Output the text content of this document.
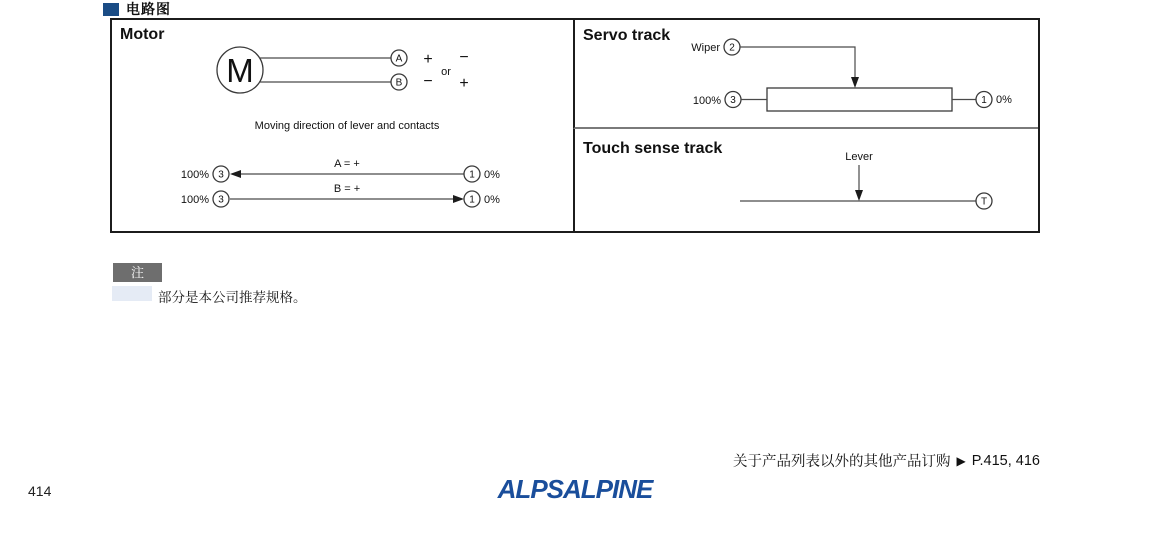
电路图
Motor
M	A + −
or
B − +
Moving direction of lever and contacts
100% 3
A = +
1 0%
100% 3
B = +
1 0%
Servo track
Wiper 2
100% 3	1 0%
Touch sense track	Lever
T
注
部分是本公司推荐规格。
关于产品列表以外的其他产品订购 ▶ P.415, 416
ALPSALPINE
414
